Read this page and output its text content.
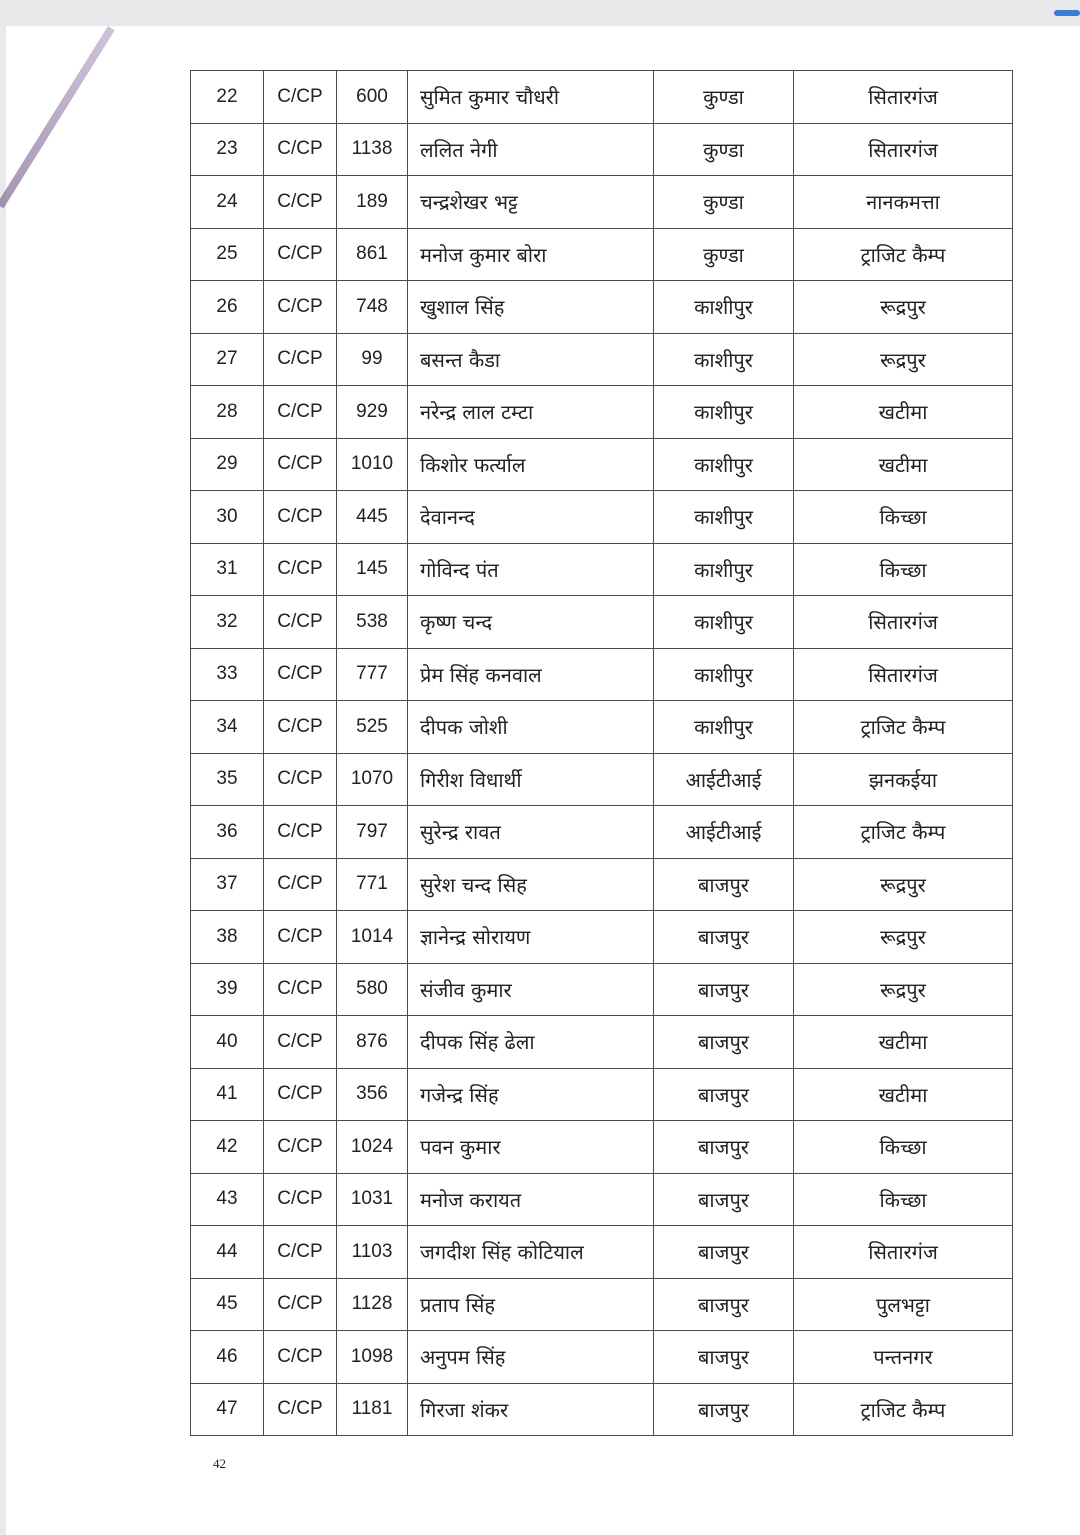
22	C/CP	600	सुमित कुमार चौधरी	कुण्डा	सितारगंज
23	C/CP	1138	ललित नेगी	कुण्डा	सितारगंज
24	C/CP	189	चन्द्रशेखर भट्ट	कुण्डा	नानकमत्ता
25	C/CP	861	मनोज कुमार बोरा	कुण्डा	ट्राजिट कैम्प
26	C/CP	748	खुशाल सिंह	काशीपुर	रूद्रपुर
27	C/CP	99	बसन्त कैडा	काशीपुर	रूद्रपुर
28	C/CP	929	नरेन्द्र लाल टम्टा	काशीपुर	खटीमा
29	C/CP	1010	किशोर फर्त्याल	काशीपुर	खटीमा
30	C/CP	445	देवानन्द	काशीपुर	किच्छा
31	C/CP	145	गोविन्द पंत	काशीपुर	किच्छा
32	C/CP	538	कृष्ण चन्द	काशीपुर	सितारगंज
33	C/CP	777	प्रेम सिंह कनवाल	काशीपुर	सितारगंज
34	C/CP	525	दीपक जोशी	काशीपुर	ट्राजिट कैम्प
35	C/CP	1070	गिरीश विधार्थी	आईटीआई	झनकईया
36	C/CP	797	सुरेन्द्र रावत	आईटीआई	ट्राजिट कैम्प
37	C/CP	771	सुरेश चन्द सिह	बाजपुर	रूद्रपुर
38	C/CP	1014	ज्ञानेन्द्र सोरायण	बाजपुर	रूद्रपुर
39	C/CP	580	संजीव कुमार	बाजपुर	रूद्रपुर
40	C/CP	876	दीपक सिंह ढेला	बाजपुर	खटीमा
41	C/CP	356	गजेन्द्र सिंह	बाजपुर	खटीमा
42	C/CP	1024	पवन कुमार	बाजपुर	किच्छा
43	C/CP	1031	मनोज करायत	बाजपुर	किच्छा
44	C/CP	1103	जगदीश सिंह कोटियाल	बाजपुर	सितारगंज
45	C/CP	1128	प्रताप सिंह	बाजपुर	पुलभट्टा
46	C/CP	1098	अनुपम सिंह	बाजपुर	पन्तनगर
47	C/CP	1181	गिरजा शंकर	बाजपुर	ट्राजिट कैम्प
42
